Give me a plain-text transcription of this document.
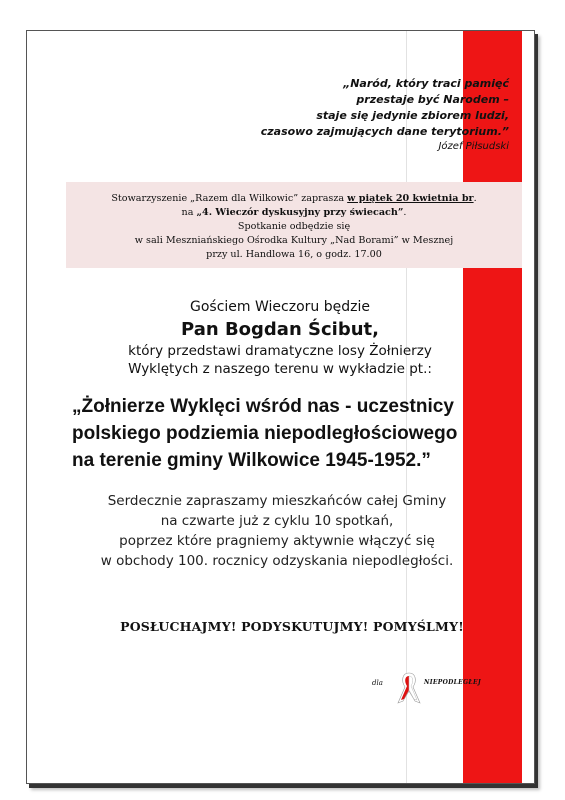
„Naród, który traci pamięć
przestaje być Narodem –
staje się jedynie zbiorem ludzi,
czasowo zajmujących dane terytorium.”
Józef Piłsudski
Stowarzyszenie „Razem dla Wilkowic” zaprasza w piątek 20 kwietnia br.
na „4. Wieczór dyskusyjny przy świecach”.
Spotkanie odbędzie się
w sali Meszniańskiego Ośrodka Kultury „Nad Borami” w Mesznej
przy ul. Handlowa 16, o godz. 17.00
Gościem Wieczoru będzie
Pan Bogdan Ścibut,
który przedstawi dramatyczne losy Żołnierzy
Wyklętych z naszego terenu w wykładzie pt.:
„Żołnierze Wyklęci wśród nas - uczestnicy
polskiego podziemia niepodległościowego
na terenie gminy Wilkowice 1945-1952.”
Serdecznie zapraszamy mieszkańców całej Gminy
na czwarte już z cyklu 10 spotkań,
poprzez które pragniemy aktywnie włączyć się
w obchody 100. rocznicy odzyskania niepodległości.
POSŁUCHAJMY! PODYSKUTUJMY! POMYŚLMY!
dla	NIEPODLEGŁEJ
